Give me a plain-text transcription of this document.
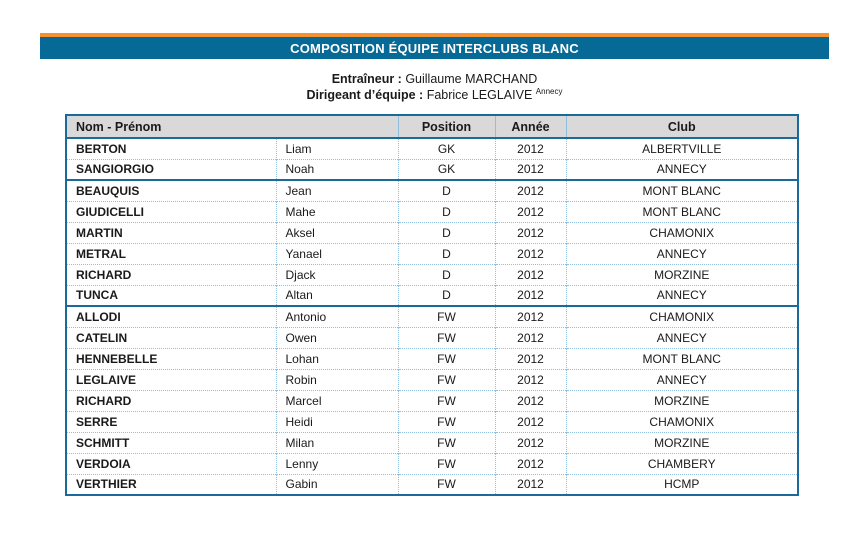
COMPOSITION ÉQUIPE INTERCLUBS BLANC
Entraîneur : Guillaume MARCHAND
Dirigeant d’équipe : Fabrice LEGLAIVE $^{Annecy}$
Nom - Prénom		Position	Année	Club
BERTON	Liam	GK	2012	ALBERTVILLE
SANGIORGIO	Noah	GK	2012	ANNECY
BEAUQUIS	Jean	D	2012	MONT BLANC
GIUDICELLI	Mahe	D	2012	MONT BLANC
MARTIN	Aksel	D	2012	CHAMONIX
METRAL	Yanael	D	2012	ANNECY
RICHARD	Djack	D	2012	MORZINE
TUNCA	Altan	D	2012	ANNECY
ALLODI	Antonio	FW	2012	CHAMONIX
CATELIN	Owen	FW	2012	ANNECY
HENNEBELLE	Lohan	FW	2012	MONT BLANC
LEGLAIVE	Robin	FW	2012	ANNECY
RICHARD	Marcel	FW	2012	MORZINE
SERRE	Heidi	FW	2012	CHAMONIX
SCHMITT	Milan	FW	2012	MORZINE
VERDOIA	Lenny	FW	2012	CHAMBERY
VERTHIER	Gabin	FW	2012	HCMP
